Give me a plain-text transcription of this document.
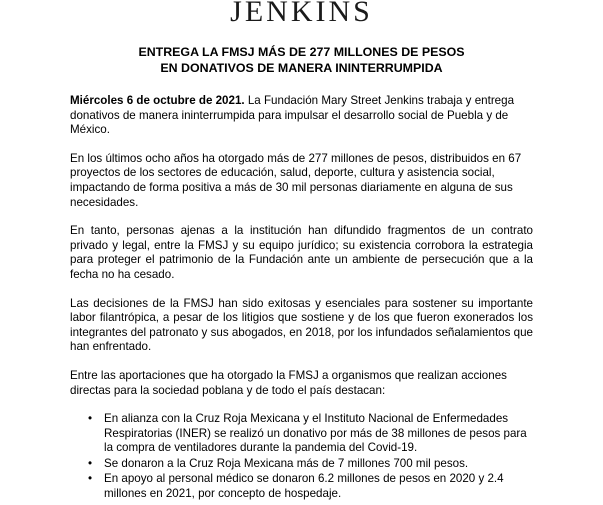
JENKINS
ENTREGA LA FMSJ MÁS DE 277 MILLONES DE PESOS
EN DONATIVOS DE MANERA ININTERRUMPIDA

Miércoles 6 de octubre de 2021. La Fundación Mary Street Jenkins trabaja y entrega donativos de manera ininterrumpida para impulsar el desarrollo social de Puebla y de México.

En los últimos ocho años ha otorgado más de 277 millones de pesos, distribuidos en 67 proyectos de los sectores de educación, salud, deporte, cultura y asistencia social, impactando de forma positiva a más de 30 mil personas diariamente en alguna de sus necesidades.

En tanto, personas ajenas a la institución han difundido fragmentos de un contrato privado y legal, entre la FMSJ y su equipo jurídico; su existencia corrobora la estrategia para proteger el patrimonio de la Fundación ante un ambiente de persecución que a la fecha no ha cesado.

Las decisiones de la FMSJ han sido exitosas y esenciales para sostener su importante labor filantrópica, a pesar de los litigios que sostiene y de los que fueron exonerados los integrantes del patronato y sus abogados, en 2018, por los infundados señalamientos que han enfrentado.

Entre las aportaciones que ha otorgado la FMSJ a organismos que realizan acciones directas para la sociedad poblana y de todo el país destacan:

• En alianza con la Cruz Roja Mexicana y el Instituto Nacional de Enfermedades Respiratorias (INER) se realizó un donativo por más de 38 millones de pesos para la compra de ventiladores durante la pandemia del Covid-19.
• Se donaron a la Cruz Roja Mexicana más de 7 millones 700 mil pesos.
• En apoyo al personal médico se donaron 6.2 millones de pesos en 2020 y 2.4 millones en 2021, por concepto de hospedaje.
